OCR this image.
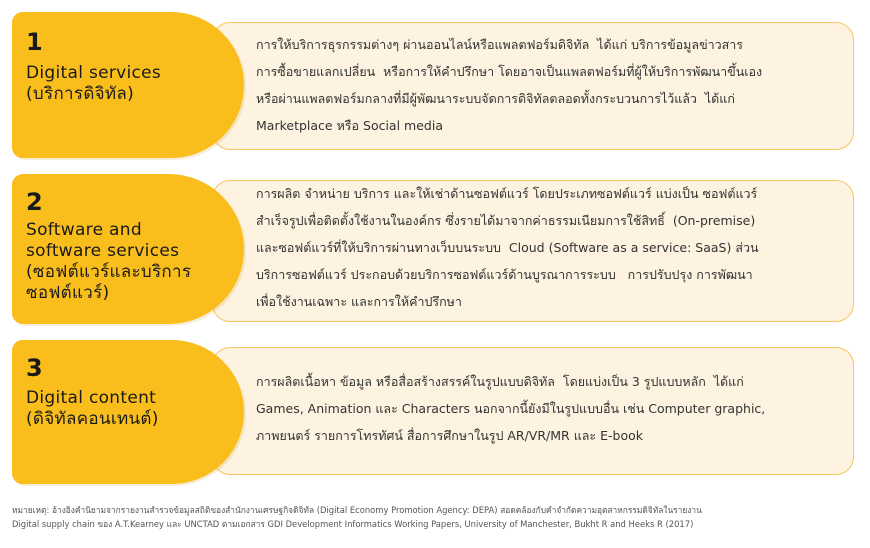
1
Digital services
(บริการดิจิทัล)
การให้บริการธุรกรรมต่างๆ ผ่านออนไลน์หรือแพลตฟอร์มดิจิทัล  ได้แก่ บริการข้อมูลข่าวสาร
การซื้อขายแลกเปลี่ยน  หรือการให้คำปรึกษา โดยอาจเป็นแพลตฟอร์มที่ผู้ให้บริการพัฒนาขึ้นเอง
หรือผ่านแพลตฟอร์มกลางที่มีผู้พัฒนาระบบจัดการดิจิทัลตลอดทั้งกระบวนการไว้แล้ว  ได้แก่
Marketplace หรือ Social media
2
Software and
software services
(ซอฟต์แวร์และบริการ
ซอฟต์แวร์)
การผลิต จำหน่าย บริการ และให้เช่าด้านซอฟต์แวร์ โดยประเภทซอฟต์แวร์ แบ่งเป็น ซอฟต์แวร์
สำเร็จรูปเพื่อติดตั้งใช้งานในองค์กร ซึ่งรายได้มาจากค่าธรรมเนียมการใช้สิทธิ์  (On-premise)
และซอฟต์แวร์ที่ให้บริการผ่านทางเว็บบนระบบ  Cloud (Software as a service: SaaS) ส่วน
บริการซอฟต์แวร์ ประกอบด้วยบริการซอฟต์แวร์ด้านบูรณาการระบบ   การปรับปรุง การพัฒนา
เพื่อใช้งานเฉพาะ และการให้คำปรึกษา
3
Digital content
(ดิจิทัลคอนเทนต์)
การผลิตเนื้อหา ข้อมูล หรือสื่อสร้างสรรค์ในรูปแบบดิจิทัล  โดยแบ่งเป็น 3 รูปแบบหลัก  ได้แก่
Games, Animation และ Characters นอกจากนี้ยังมีในรูปแบบอื่น เช่น Computer graphic,
ภาพยนตร์ รายการโทรทัศน์ สื่อการศึกษาในรูป AR/VR/MR และ E-book
หมายเหตุ: อ้างอิงคำนิยามจากรายงานสำรวจข้อมูลสถิติของสำนักงานเศรษฐกิจดิจิทัล (Digital Economy Promotion Agency: DEPA) สอดคล้องกับคำจำกัดความอุตสาหกรรมดิจิทัลในรายงาน
Digital supply chain ของ A.T.Kearney และ UNCTAD ตามเอกสาร GDI Development Informatics Working Papers, University of Manchester, Bukht R and Heeks R (2017)
